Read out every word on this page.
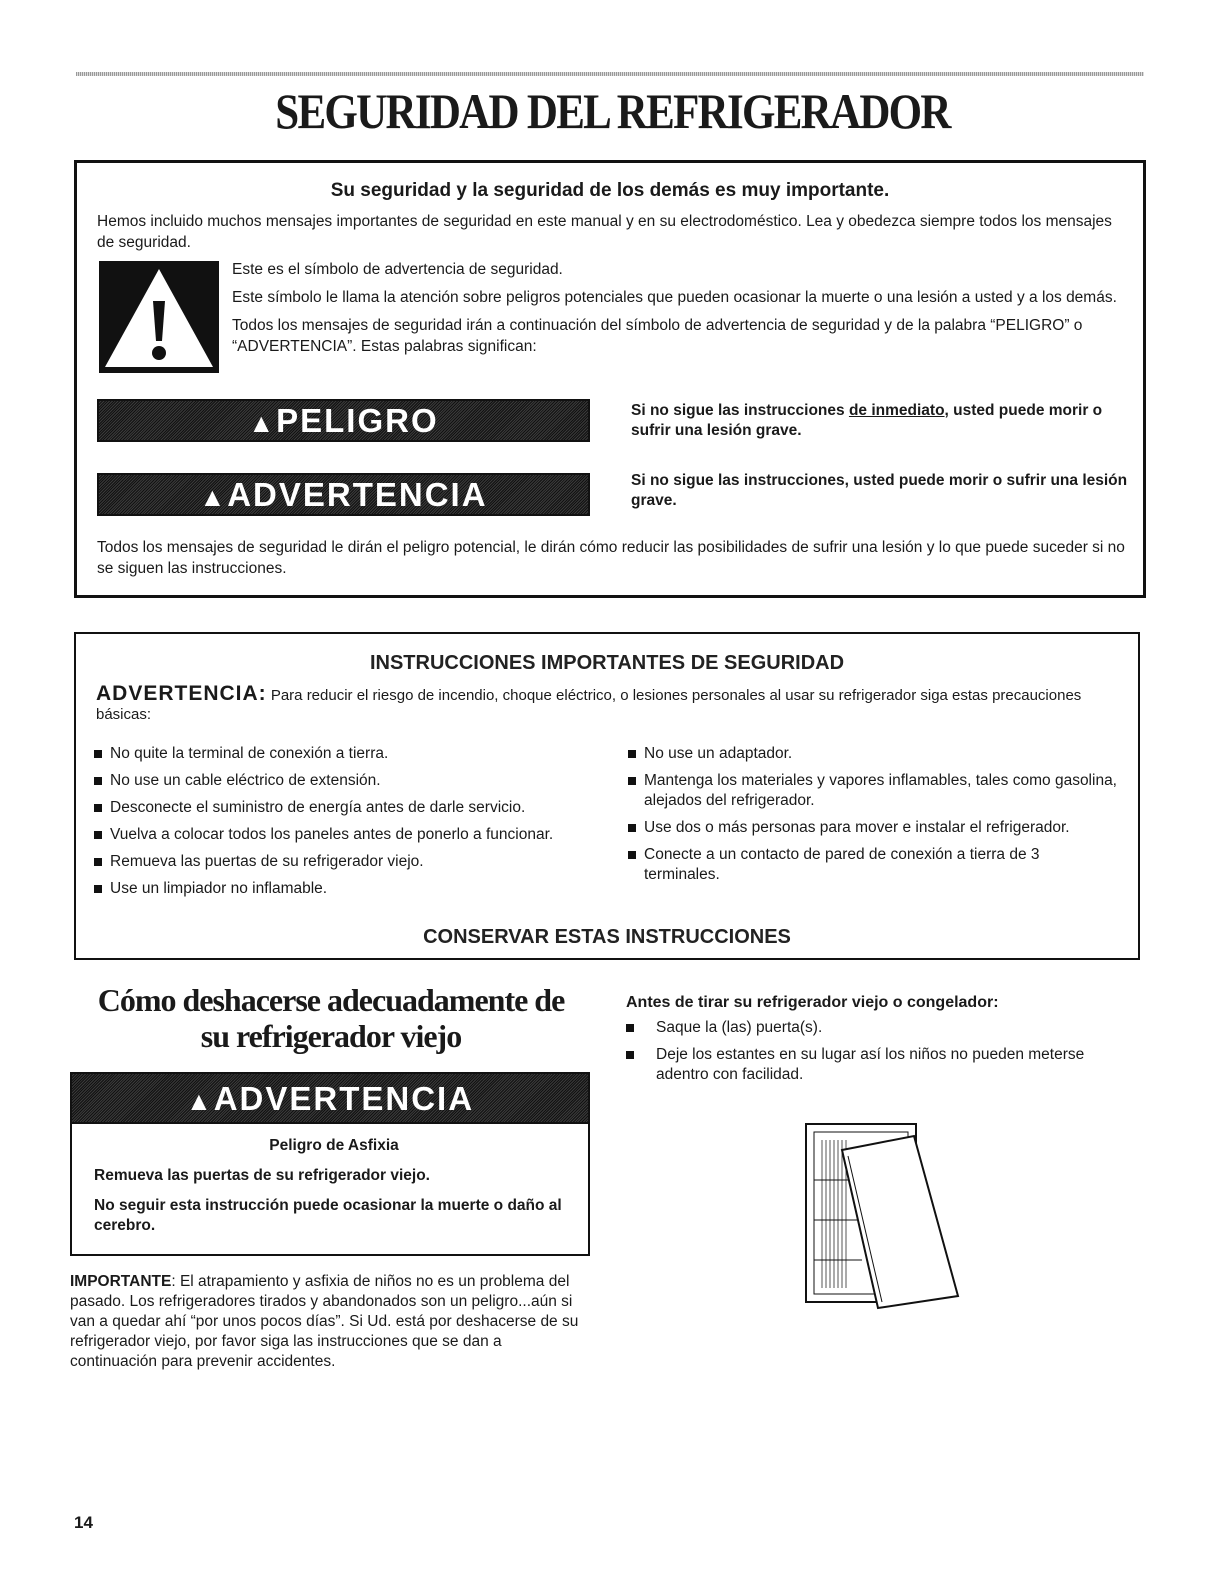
SEGURIDAD DEL REFRIGERADOR
Su seguridad y la seguridad de los demás es muy importante.
Hemos incluido muchos mensajes importantes de seguridad en este manual y en su electrodoméstico. Lea y obedezca siempre todos los mensajes de seguridad.

Este es el símbolo de advertencia de seguridad.

Este símbolo le llama la atención sobre peligros potenciales que pueden ocasionar la muerte o una lesión a usted y a los demás.

Todos los mensajes de seguridad irán a continuación del símbolo de advertencia de seguridad y de la palabra “PELIGRO” o “ADVERTENCIA”. Estas palabras significan:

▲PELIGRO	Si no sigue las instrucciones de inmediato, usted puede morir o sufrir una lesión grave.
▲ADVERTENCIA	Si no sigue las instrucciones, usted puede morir o sufrir una lesión grave.
Todos los mensajes de seguridad le dirán el peligro potencial, le dirán cómo reducir las posibilidades de sufrir una lesión y lo que puede suceder si no se siguen las instrucciones.
INSTRUCCIONES IMPORTANTES DE SEGURIDAD
ADVERTENCIA: Para reducir el riesgo de incendio, choque eléctrico, o lesiones personales al usar su refrigerador siga estas precauciones básicas:
No quite la terminal de conexión a tierra.
No use un cable eléctrico de extensión.
Desconecte el suministro de energía antes de darle servicio.
Vuelva a colocar todos los paneles antes de ponerlo a funcionar.
Remueva las puertas de su refrigerador viejo.
Use un limpiador no inflamable.
No use un adaptador.
Mantenga los materiales y vapores inflamables, tales como gasolina, alejados del refrigerador.
Use dos o más personas para mover e instalar el refrigerador.
Conecte a un contacto de pared de conexión a tierra de 3 terminales.
CONSERVAR ESTAS INSTRUCCIONES
Cómo deshacerse adecuadamente de su refrigerador viejo
▲ADVERTENCIA

Peligro de Asfixia

Remueva las puertas de su refrigerador viejo.

No seguir esta instrucción puede ocasionar la muerte o daño al cerebro.

IMPORTANTE: El atrapamiento y asfixia de niños no es un problema del pasado. Los refrigeradores tirados y abandonados son un peligro...aún si van a quedar ahí “por unos pocos días”. Si Ud. está por deshacerse de su refrigerador viejo, por favor siga las instrucciones que se dan a continuación para prevenir accidentes.
Antes de tirar su refrigerador viejo o congelador:
Saque la (las) puerta(s).
Deje los estantes en su lugar así los niños no pueden meterse adentro con facilidad.
14
